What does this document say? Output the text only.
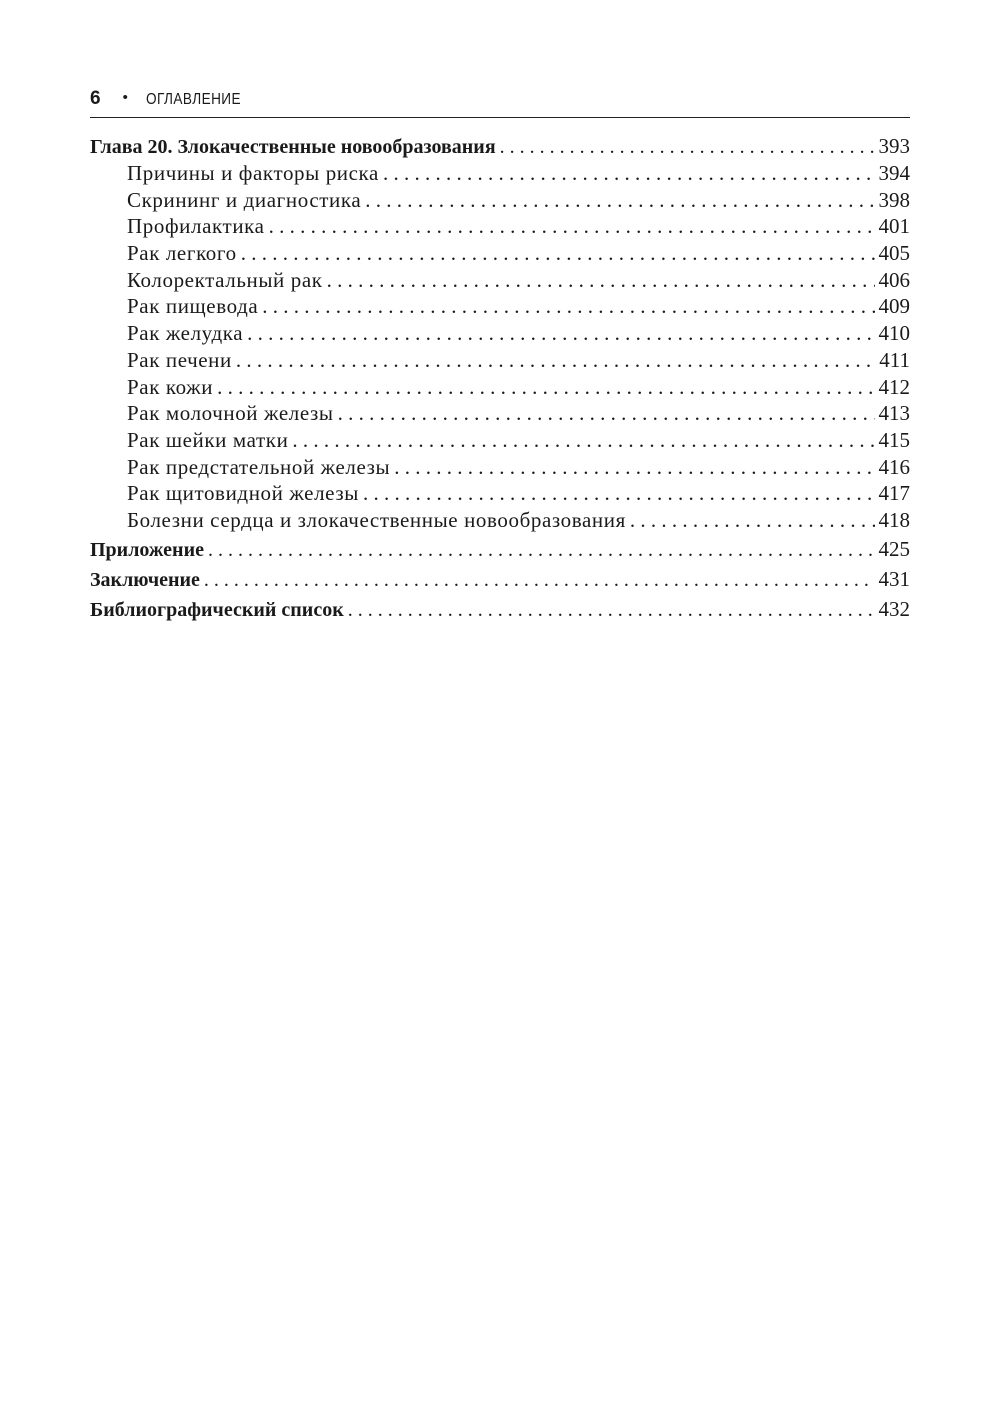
6 • ОГЛАВЛЕНИЕ
Глава 20. Злокачественные новообразования . . .	393
Причины и факторы риска . . .	394
Скрининг и диагностика . . .	398
Профилактика . . .	401
Рак легкого . . .	405
Колоректальный рак . . .	406
Рак пищевода . . .	409
Рак желудка . . .	410
Рак печени . . .	411
Рак кожи . . .	412
Рак молочной железы . . .	413
Рак шейки матки . . .	415
Рак предстательной железы . . .	416
Рак щитовидной железы . . .	417
Болезни сердца и злокачественные новообразования . . .	418
Приложение . . .	425
Заключение . . .	431
Библиографический список . . .	432
